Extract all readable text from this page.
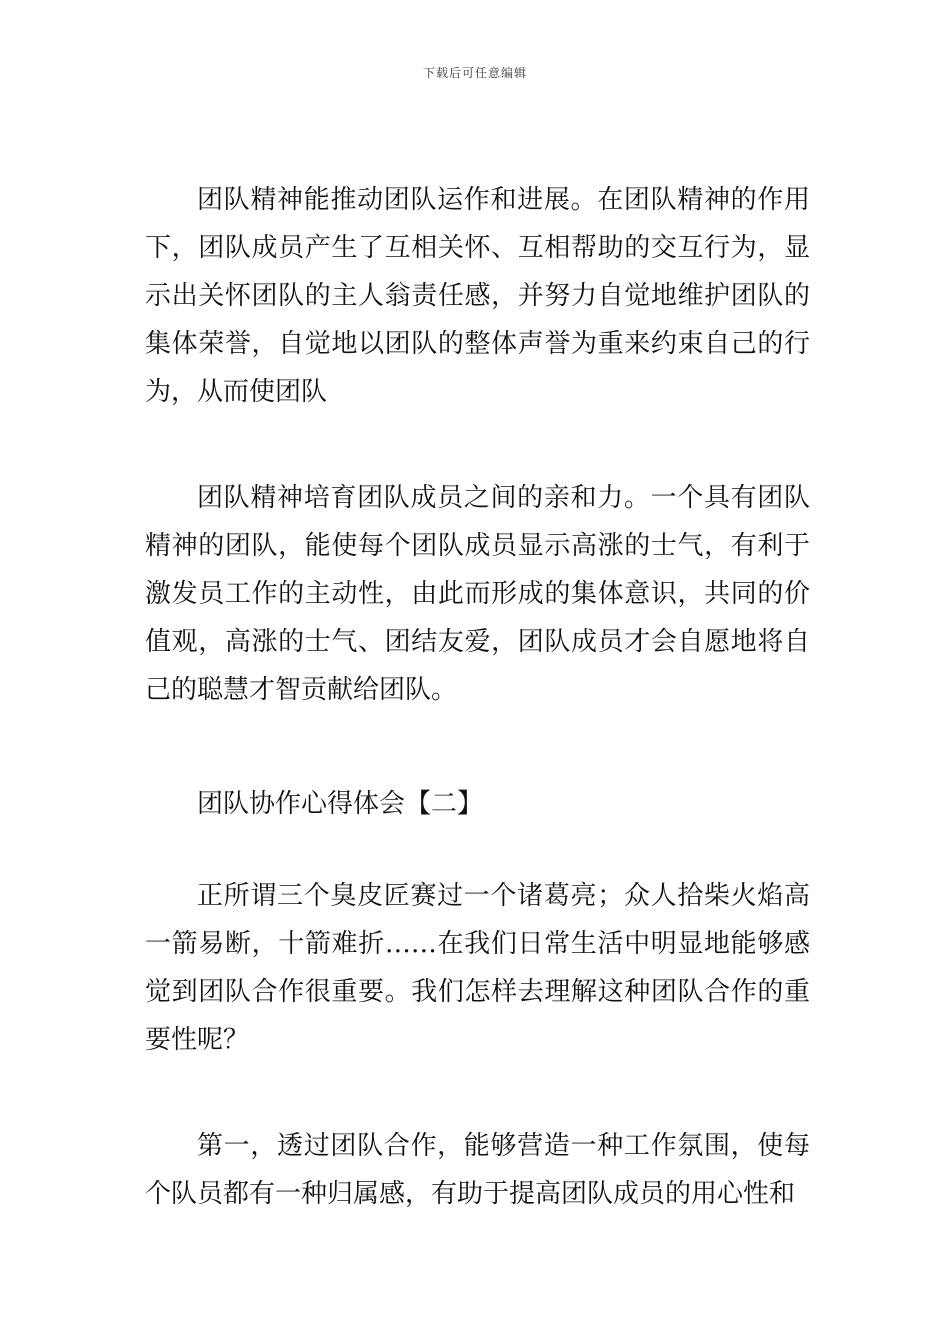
下载后可任意编辑

团队精神能推动团队运作和进展。在团队精神的作用下，团队成员产生了互相关怀、互相帮助的交互行为，显示出关怀团队的主人翁责任感，并努力自觉地维护团队的集体荣誉，自觉地以团队的整体声誉为重来约束自己的行为，从而使团队

团队精神培育团队成员之间的亲和力。一个具有团队精神的团队，能使每个团队成员显示高涨的士气，有利于激发员工作的主动性，由此而形成的集体意识，共同的价值观，高涨的士气、团结友爱，团队成员才会自愿地将自己的聪慧才智贡献给团队。

团队协作心得体会【二】

正所谓三个臭皮匠赛过一个诸葛亮；众人拾柴火焰高一箭易断，十箭难折……在我们日常生活中明显地能够感觉到团队合作很重要。我们怎样去理解这种团队合作的重要性呢？

第一，透过团队合作，能够营造一种工作氛围，使每个队员都有一种归属感，有助于提高团队成员的用心性和
